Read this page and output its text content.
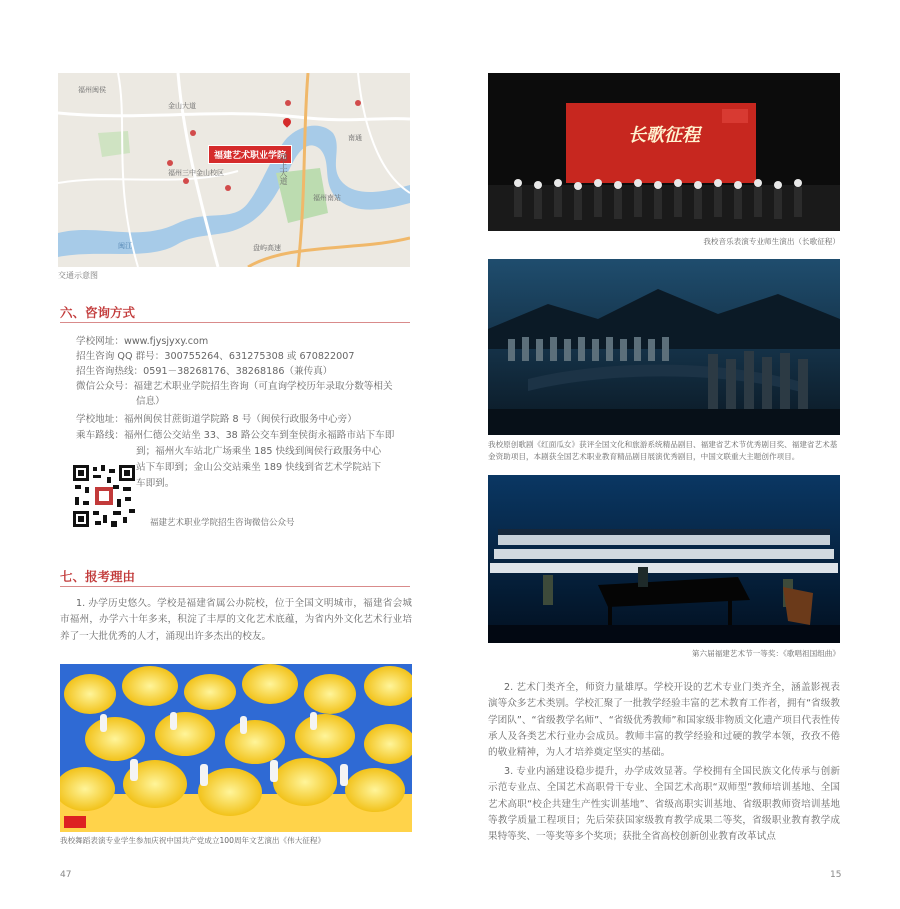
福建艺术职业学院
福州闽侯
金山大道
闽江
福州南站
福州三中金山校区	浦上大道
盘屿高速
南通
交通示意图
六、咨询方式
学校网址：www.fjysjyxy.com
招生咨询 QQ 群号：300755264、631275308 或 670822007
招生咨询热线：0591－38268176、38268186（兼传真）
微信公众号：福建艺术职业学院招生咨询（可直询学校历年录取分数等相关
信息）
学校地址：福州闽侯甘蔗街道学院路 8 号（闽侯行政服务中心旁）
乘车路线：福州仁德公交站坐 33、38 路公交车到奎侯街永福路市站下车即
到；福州火车站北广场乘坐 185 快线到闽侯行政服务中心
站下车即到；金山公交站乘坐 189 快线到省艺术学院站下
车即到。
福建艺术职业学院招生咨询微信公众号
七、报考理由
1. 办学历史悠久。学校是福建省属公办院校，位于全国文明城市，福建省会城市福州，办学六十年多来，积淀了丰厚的文化艺术底蕴，为省内外文化艺术行业培养了一大批优秀的人才，涌现出许多杰出的校友。
我校舞蹈表演专业学生参加庆祝中国共产党成立100周年文艺演出《伟大征程》
47
长歌征程
我校音乐表演专业师生演出（长歌征程）
我校原创歌剧《红面瓜女》获评全国文化和旅游系统精品剧目、福建省艺术节优秀剧目奖、福建省艺术基金资助项目，本剧获全国艺术职业教育精品剧目展演优秀剧目，中国文联重大主题创作项目。
第六届福建艺术节一等奖：《歌唱祖国组曲》
2. 艺术门类齐全，师资力量雄厚。学校开设的艺术专业门类齐全，涵盖影视表演等众多艺术类别。学校汇聚了一批教学经验丰富的艺术教育工作者，拥有“省级教学团队”、“省级教学名师”、“省级优秀教师”和国家级非物质文化遗产项目代表性传承人及各类艺术行业办会成员。教师丰富的教学经验和过硬的教学本领，孜孜不倦的敬业精神，为人才培养奠定坚实的基础。
3. 专业内涵建设稳步提升，办学成效显著。学校拥有全国民族文化传承与创新示范专业点、全国艺术高职骨干专业、全国艺术高职“双师型”教师培训基地、全国艺术高职“校企共建生产性实训基地”、省级高职实训基地、省级职教师资培训基地等教学质量工程项目；先后荣获国家级教育教学成果二等奖，省级职业教育教学成果特等奖、一等奖等多个奖项；获批全省高校创新创业教育改革试点
15
